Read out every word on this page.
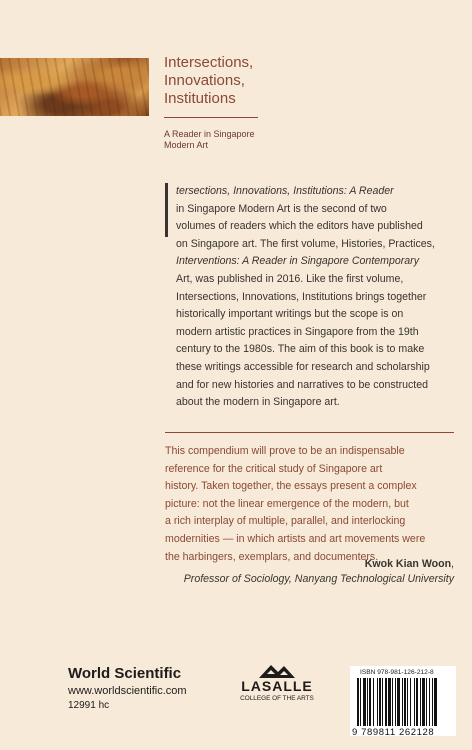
Intersections,
Innovations,
Institutions
A Reader in Singapore
Modern Art
tersections, Innovations, Institutions: A Reader
in Singapore Modern Art is the second of two
volumes of readers which the editors have published
on Singapore art. The first volume, Histories, Practices,
Interventions: A Reader in Singapore Contemporary
Art, was published in 2016. Like the first volume,
Intersections, Innovations, Institutions brings together
historically important writings but the scope is on
modern artistic practices in Singapore from the 19th
century to the 1980s. The aim of this book is to make
these writings accessible for research and scholarship
and for new histories and narratives to be constructed
about the modern in Singapore art.
This compendium will prove to be an indispensable
reference for the critical study of Singapore art
history. Taken together, the essays present a complex
picture: not the linear emergence of the modern, but
a rich interplay of multiple, parallel, and interlocking
modernities — in which artists and art movements were
the harbingers, exemplars, and documenters.
Kwok Kian Woon,
Professor of Sociology, Nanyang Technological University
World Scientific
www.worldscientific.com
12991 hc
LASALLE
COLLEGE OF THE ARTS
ISBN 978-981-126-212-8
9 789811 262128
